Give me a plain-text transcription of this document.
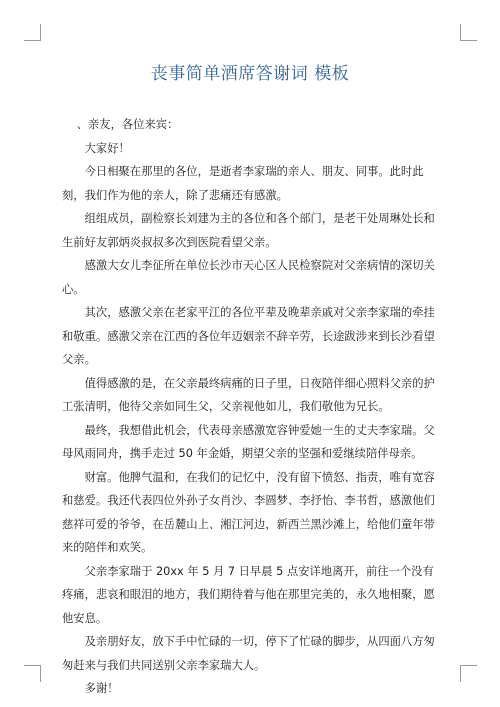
丧事简单酒席答谢词 模板

、亲友，各位来宾：

大家好！

今日相聚在那里的各位，是逝者李家瑞的亲人、朋友、同事。此时此刻，我们作为他的亲人，除了悲痛还有感激。

组组成员，副检察长刘建为主的各位和各个部门，是老干处周琳处长和生前好友郭炳炎叔叔多次到医院看望父亲。

感激大女儿李征所在单位长沙市天心区人民检察院对父亲病情的深切关心。

其次，感激父亲在老家平江的各位平辈及晚辈亲戚对父亲李家瑞的牵挂和敬重。感激父亲在江西的各位年迈姻亲不辞辛劳，长途跋涉来到长沙看望父亲。

值得感激的是，在父亲最终病痛的日子里，日夜陪伴细心照料父亲的护工张清明，他待父亲如同生父，父亲视他如儿，我们敬他为兄长。

最终，我想借此机会，代表母亲感激宽容钟爱她一生的丈夫李家瑞。父母风雨同舟，携手走过 50 年金婚，期望父亲的坚强和爱继续陪伴母亲。

财富。他脾气温和，在我们的记忆中，没有留下愤怒、指责，唯有宽容和慈爱。我还代表四位外孙子女肖沙、李圆梦、李抒怡、李书哲，感激他们慈祥可爱的爷爷，在岳麓山上、湘江河边，新西兰黑沙滩上，给他们童年带来的陪伴和欢笑。

父亲李家瑞于 20xx 年 5 月 7 日早晨 5 点安详地离开，前往一个没有疼痛，悲哀和眼泪的地方，我们期待着与他在那里完美的，永久地相聚，愿他安息。

及亲朋好友，放下手中忙碌的一切，停下了忙碌的脚步，从四面八方匆匆赶来与我们共同送别父亲李家瑞大人。

多谢！
